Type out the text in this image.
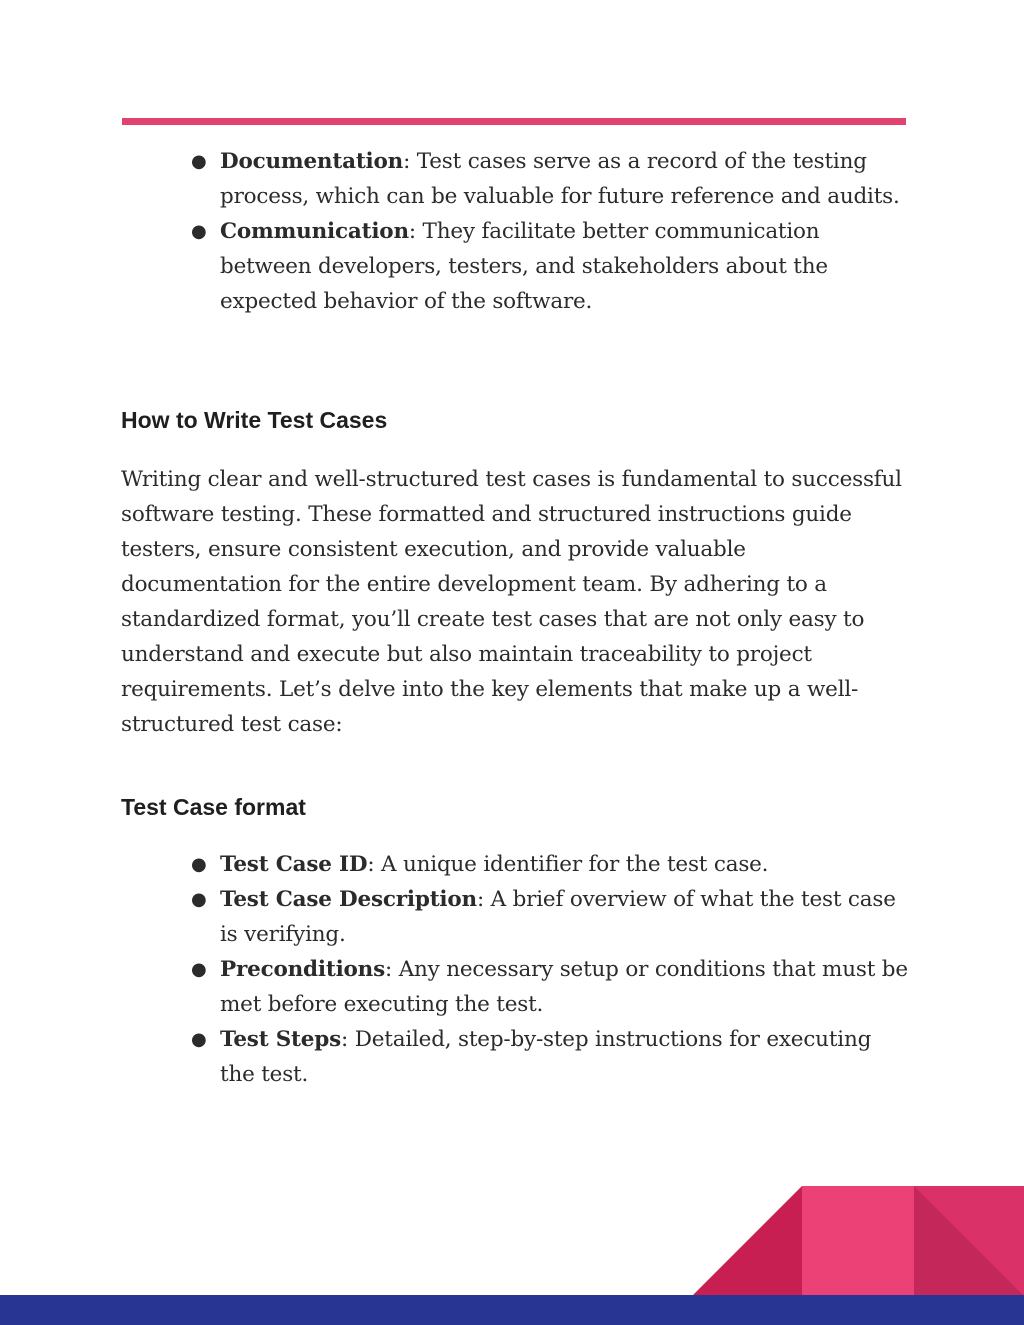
● Documentation: Test cases serve as a record of the testing process, which can be valuable for future reference and audits.
● Communication: They facilitate better communication between developers, testers, and stakeholders about the expected behavior of the software.
How to Write Test Cases

Writing clear and well-structured test cases is fundamental to successful software testing. These formatted and structured instructions guide testers, ensure consistent execution, and provide valuable documentation for the entire development team. By adhering to a standardized format, you’ll create test cases that are not only easy to understand and execute but also maintain traceability to project requirements. Let’s delve into the key elements that make up a well-structured test case:

Test Case format
● Test Case ID: A unique identifier for the test case.
● Test Case Description: A brief overview of what the test case is verifying.
● Preconditions: Any necessary setup or conditions that must be met before executing the test.
● Test Steps: Detailed, step-by-step instructions for executing the test.
